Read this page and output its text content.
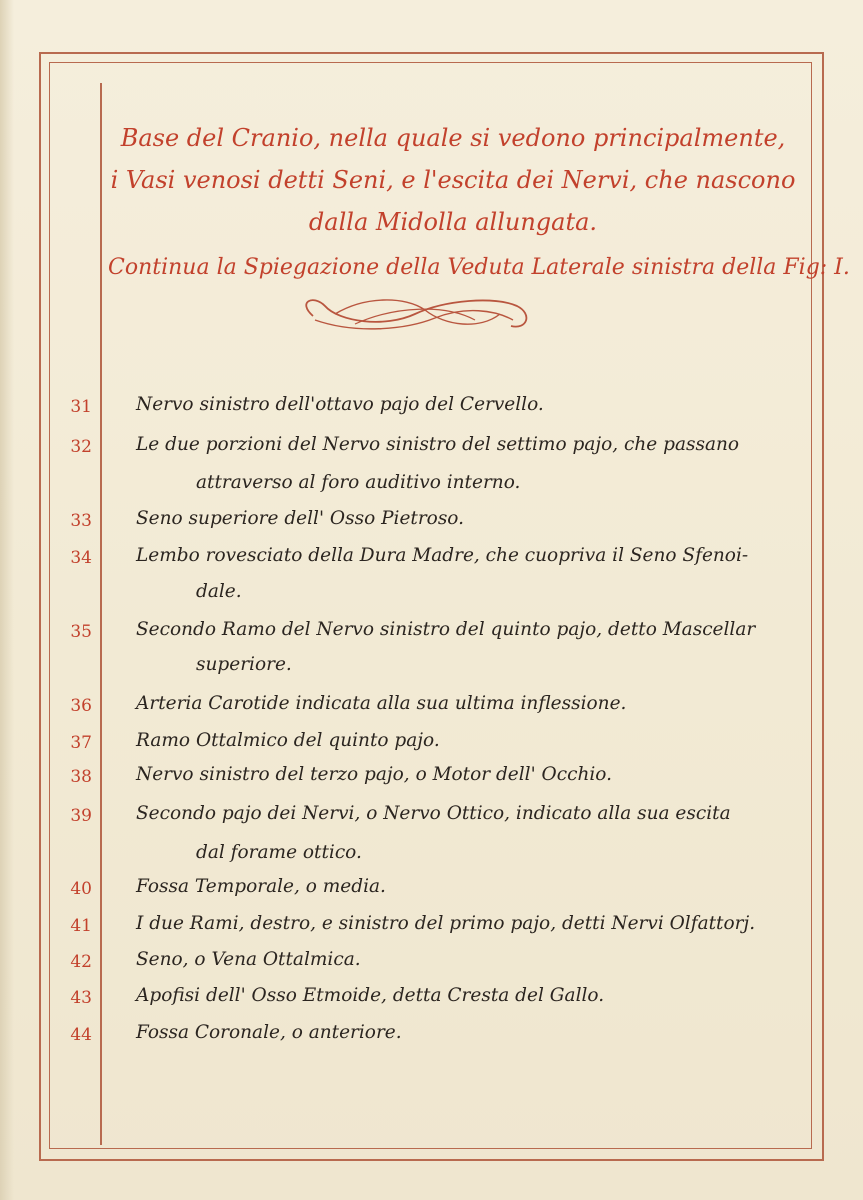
Base del Cranio, nella quale si vedono principalmente,
i Vasi venosi detti Seni, e l'escita dei Nervi, che nascono
dalla Midolla allungata.
Continua la Spiegazione della Veduta Laterale sinistra della Fig: I.
31 Nervo sinistro dell'ottavo pajo del Cervello.
32 Le due porzioni del Nervo sinistro del settimo pajo, che passano
attraverso al foro auditivo interno.
33 Seno superiore dell' Osso Pietroso.
34 Lembo rovesciato della Dura Madre, che cuopriva il Seno Sfenoi-
dale.
35 Secondo Ramo del Nervo sinistro del quinto pajo, detto Mascellar
superiore.
36 Arteria Carotide indicata alla sua ultima inflessione.
37 Ramo Ottalmico del quinto pajo.
38 Nervo sinistro del terzo pajo, o Motor dell' Occhio.
39 Secondo pajo dei Nervi, o Nervo Ottico, indicato alla sua escita
dal forame ottico.
40 Fossa Temporale, o media.
41 I due Rami, destro, e sinistro del primo pajo, detti Nervi Olfattorj.
42 Seno, o Vena Ottalmica.
43 Apofisi dell' Osso Etmoide, detta Cresta del Gallo.
44 Fossa Coronale, o anteriore.
